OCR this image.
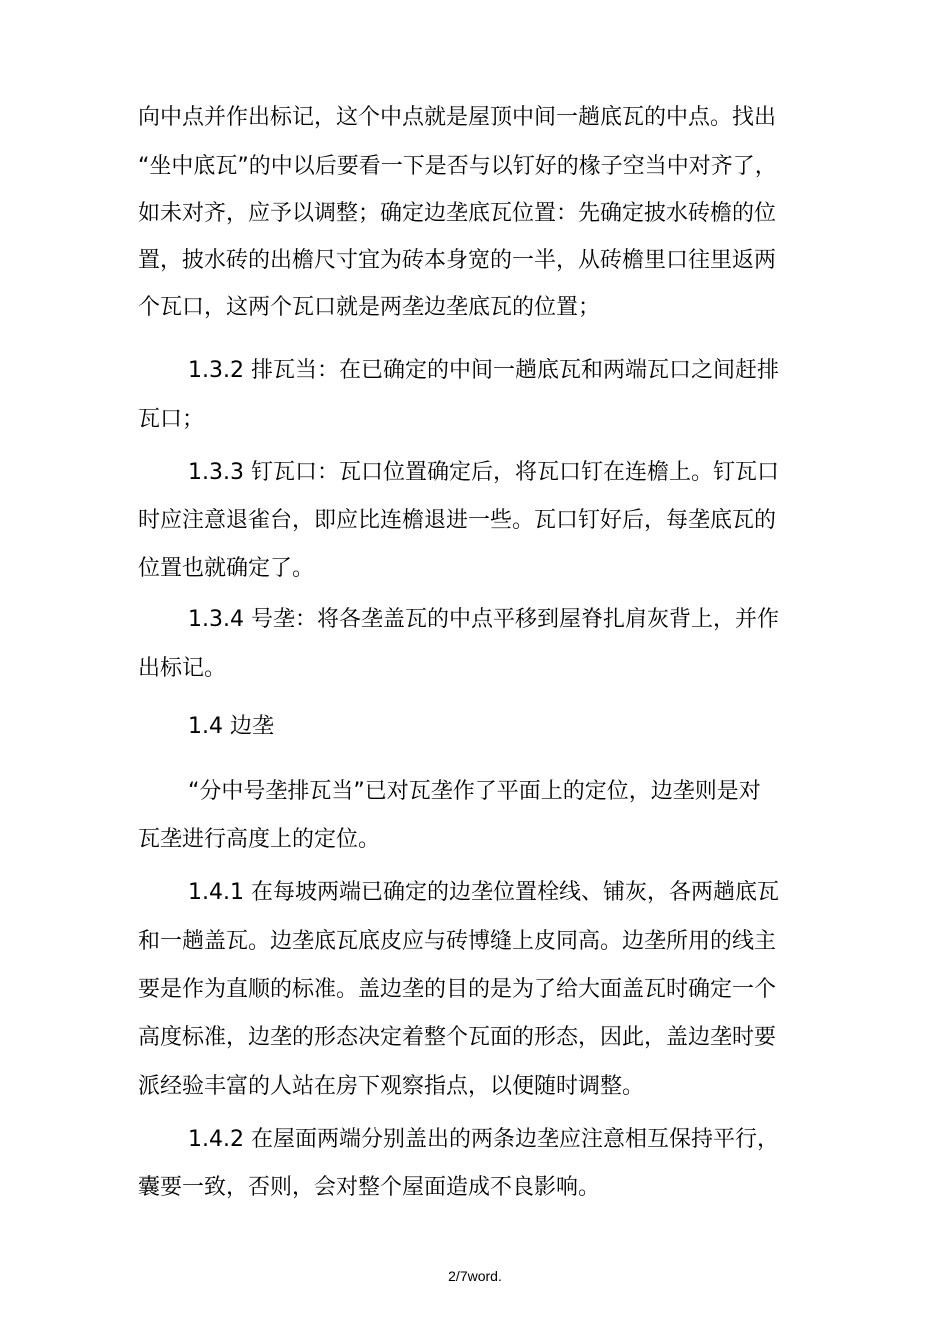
向中点并作出标记，这个中点就是屋顶中间一趟底瓦的中点。找出
“坐中底瓦”的中以后要看一下是否与以钉好的椽子空当中对齐了，
如未对齐，应予以调整；确定边垄底瓦位置：先确定披水砖檐的位
置，披水砖的出檐尺寸宜为砖本身宽的一半，从砖檐里口往里返两
个瓦口，这两个瓦口就是两垄边垄底瓦的位置；
1.3.2 排瓦当：在已确定的中间一趟底瓦和两端瓦口之间赶排
瓦口；
1.3.3 钉瓦口：瓦口位置确定后，将瓦口钉在连檐上。钉瓦口
时应注意退雀台，即应比连檐退进一些。瓦口钉好后，每垄底瓦的
位置也就确定了。
1.3.4 号垄：将各垄盖瓦的中点平移到屋脊扎肩灰背上，并作
出标记。
1.4 边垄
“分中号垄排瓦当”已对瓦垄作了平面上的定位，边垄则是对
瓦垄进行高度上的定位。
1.4.1 在每坡两端已确定的边垄位置栓线、铺灰，各两趟底瓦
和一趟盖瓦。边垄底瓦底皮应与砖博缝上皮同高。边垄所用的线主
要是作为直顺的标准。盖边垄的目的是为了给大面盖瓦时确定一个
高度标准，边垄的形态决定着整个瓦面的形态，因此，盖边垄时要
派经验丰富的人站在房下观察指点，以便随时调整。
1.4.2 在屋面两端分别盖出的两条边垄应注意相互保持平行，
囊要一致，否则，会对整个屋面造成不良影响。
2/7word.
